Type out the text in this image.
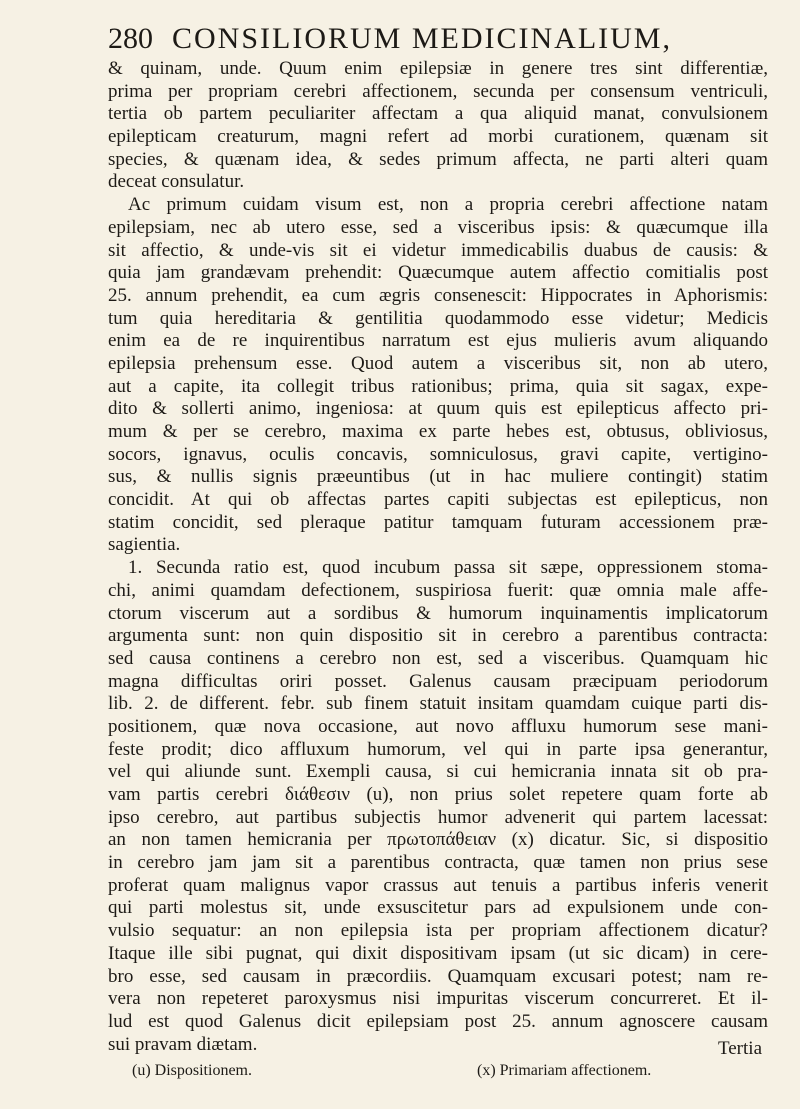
280 CONSILIORUM MEDICINALIUM,
& quinam, unde. Quum enim epilepsiæ in genere tres sint differentiæ,
prima per propriam cerebri affectionem, secunda per consensum ventriculi,
tertia ob partem peculiariter affectam a qua aliquid manat, convulsionem
epilepticam creaturum, magni refert ad morbi curationem, quænam sit
species, & quænam idea, & sedes primum affecta, ne parti alteri quam
deceat consulatur.
Ac primum cuidam visum est, non a propria cerebri affectione natam
epilepsiam, nec ab utero esse, sed a visceribus ipsis: & quæcumque illa
sit affectio, & unde-vis sit ei videtur immedicabilis duabus de causis: &
quia jam grandævam prehendit: Quæcumque autem affectio comitialis post
25. annum prehendit, ea cum ægris consenescit: Hippocrates in Aphorismis:
tum quia hereditaria & gentilitia quodammodo esse videtur; Medicis
enim ea de re inquirentibus narratum est ejus mulieris avum aliquando
epilepsia prehensum esse. Quod autem a visceribus sit, non ab utero,
aut a capite, ita collegit tribus rationibus; prima, quia sit sagax, expe-
dito & sollerti animo, ingeniosa: at quum quis est epilepticus affecto pri-
mum & per se cerebro, maxima ex parte hebes est, obtusus, obliviosus,
socors, ignavus, oculis concavis, somniculosus, gravi capite, vertigino-
sus, & nullis signis præeuntibus (ut in hac muliere contingit) statim
concidit. At qui ob affectas partes capiti subjectas est epilepticus, non
statim concidit, sed pleraque patitur tamquam futuram accessionem præ-
sagientia.
1. Secunda ratio est, quod incubum passa sit sæpe, oppressionem stoma-
chi, animi quamdam defectionem, suspiriosa fuerit: quæ omnia male affe-
ctorum viscerum aut a sordibus & humorum inquinamentis implicatorum
argumenta sunt: non quin dispositio sit in cerebro a parentibus contracta:
sed causa continens a cerebro non est, sed a visceribus. Quamquam hic
magna difficultas oriri posset. Galenus causam præcipuam periodorum
lib. 2. de different. febr. sub finem statuit insitam quamdam cuique parti dis-
positionem, quæ nova occasione, aut novo affluxu humorum sese mani-
feste prodit; dico affluxum humorum, vel qui in parte ipsa generantur,
vel qui aliunde sunt. Exempli causa, si cui hemicrania innata sit ob pra-
vam partis cerebri διάθεσιν (u), non prius solet repetere quam forte ab
ipso cerebro, aut partibus subjectis humor advenerit qui partem lacessat:
an non tamen hemicrania per πρωτοπάθειαν (x) dicatur. Sic, si dispositio
in cerebro jam jam sit a parentibus contracta, quæ tamen non prius sese
proferat quam malignus vapor crassus aut tenuis a partibus inferis venerit
qui parti molestus sit, unde exsuscitetur pars ad expulsionem unde con-
vulsio sequatur: an non epilepsia ista per propriam affectionem dicatur?
Itaque ille sibi pugnat, qui dixit dispositivam ipsam (ut sic dicam) in cere-
bro esse, sed causam in præcordiis. Quamquam excusari potest; nam re-
vera non repeteret paroxysmus nisi impuritas viscerum concurreret. Et il-
lud est quod Galenus dicit epilepsiam post 25. annum agnoscere causam
sui pravam diætam.	Tertia
(u) Dispositionem.	(x) Primariam affectionem.
